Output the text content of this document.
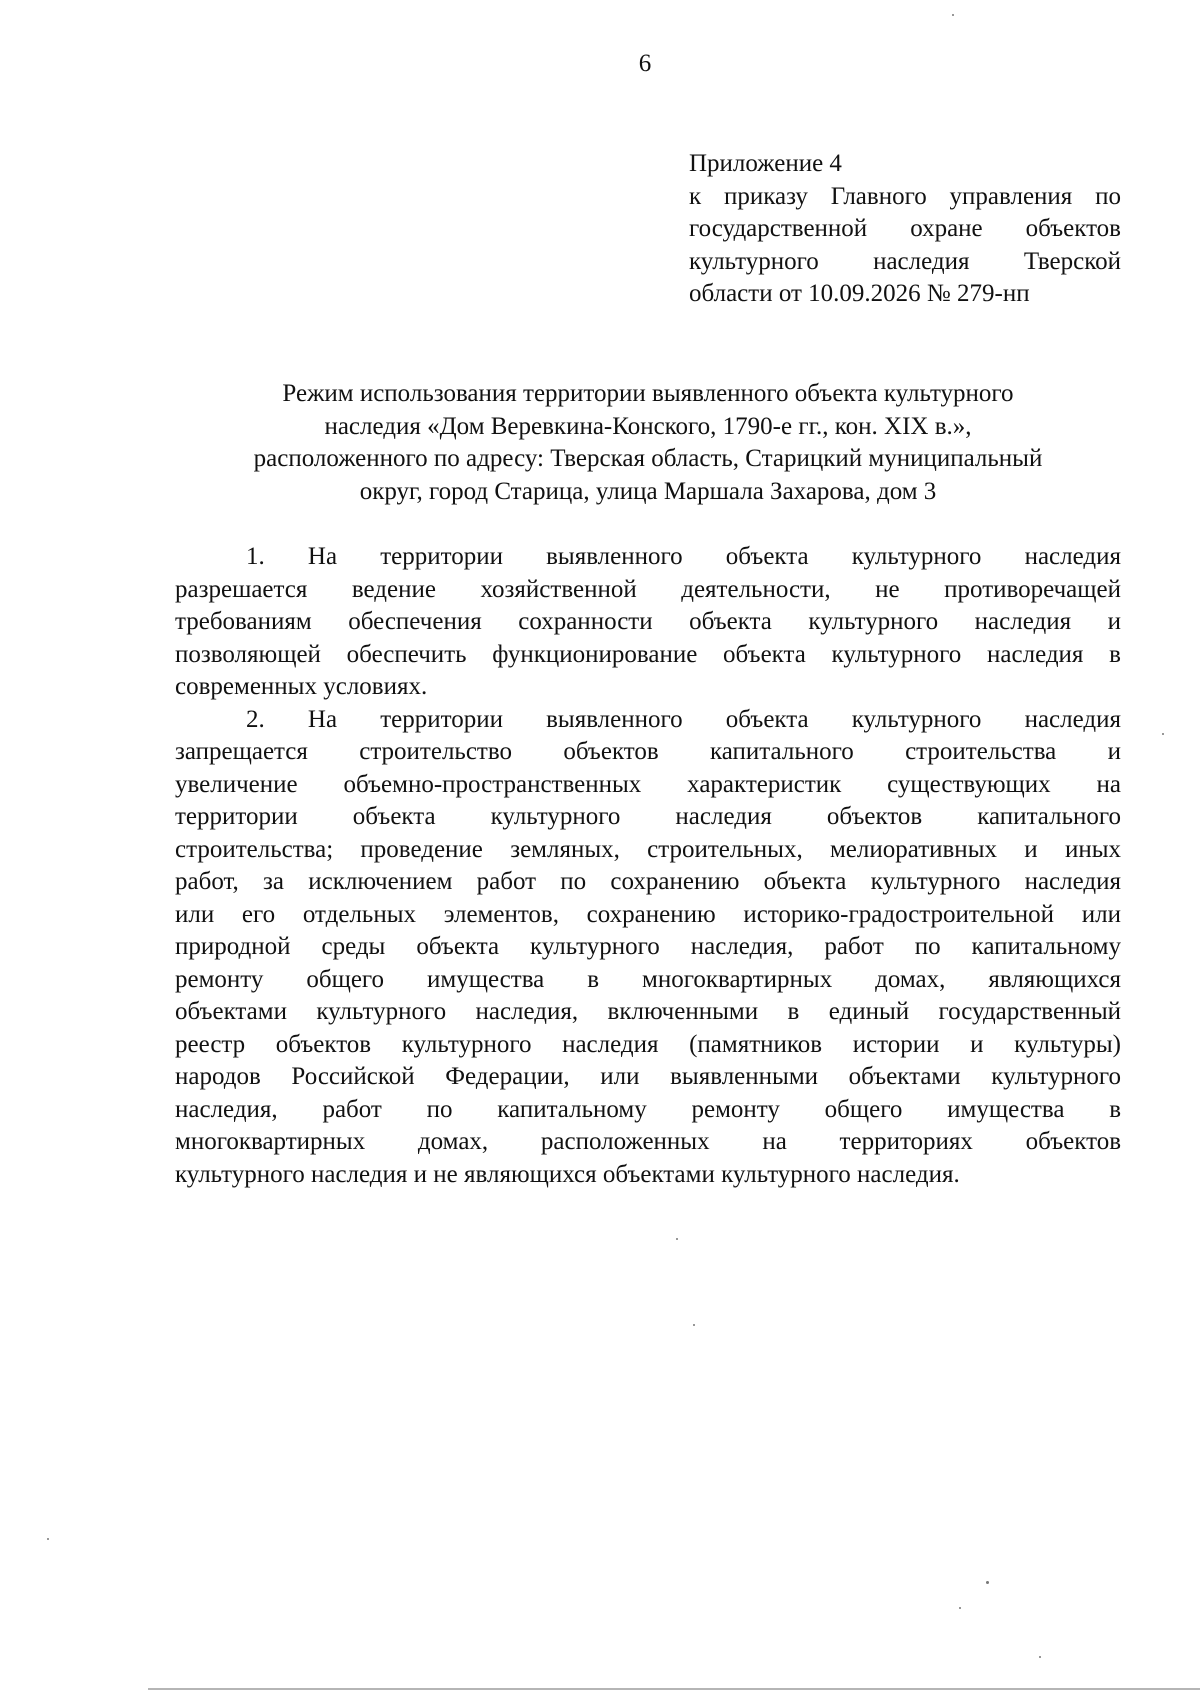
6
Приложение 4
к приказу Главного управления по
государственной охране объектов
культурного наследия Тверской
области от 10.09.2026 № 279-нп
Режим использования территории выявленного объекта культурного
наследия «Дом Веревкина-Конского, 1790-е гг., кон. XIX в.»,
расположенного по адресу: Тверская область, Старицкий муниципальный
округ, город Старица, улица Маршала Захарова, дом 3
1. На территории выявленного объекта культурного наследия
разрешается ведение хозяйственной деятельности, не противоречащей
требованиям обеспечения сохранности объекта культурного наследия и
позволяющей обеспечить функционирование объекта культурного наследия в
современных условиях.
2. На территории выявленного объекта культурного наследия
запрещается строительство объектов капитального строительства и
увеличение объемно-пространственных характеристик существующих на
территории объекта культурного наследия объектов капитального
строительства; проведение земляных, строительных, мелиоративных и иных
работ, за исключением работ по сохранению объекта культурного наследия
или его отдельных элементов, сохранению историко-градостроительной или
природной среды объекта культурного наследия, работ по капитальному
ремонту общего имущества в многоквартирных домах, являющихся
объектами культурного наследия, включенными в единый государственный
реестр объектов культурного наследия (памятников истории и культуры)
народов Российской Федерации, или выявленными объектами культурного
наследия, работ по капитальному ремонту общего имущества в
многоквартирных домах, расположенных на территориях объектов
культурного наследия и не являющихся объектами культурного наследия.
